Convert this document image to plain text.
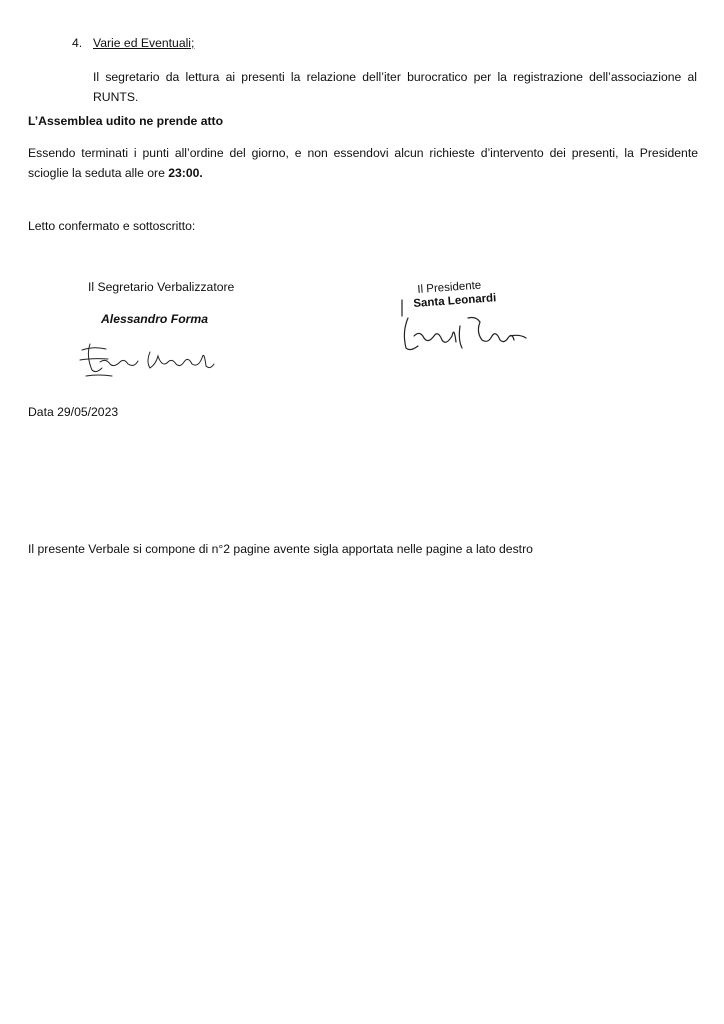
4. Varie ed Eventuali;
Il segretario da lettura ai presenti la relazione dell’iter burocratico per la registrazione dell’associazione al RUNTS.
L’Assemblea udito ne prende atto
Essendo terminati i punti all’ordine del giorno, e non essendovi alcun richieste d’intervento dei presenti, la Presidente scioglie la seduta alle ore 23:00.
Letto confermato e sottoscritto:
Il Segretario Verbalizzatore
Alessandro Forma
Il Presidente
Santa Leonardi
Data 29/05/2023
Il presente Verbale si compone di n°2 pagine avente sigla apportata nelle pagine a lato destro
